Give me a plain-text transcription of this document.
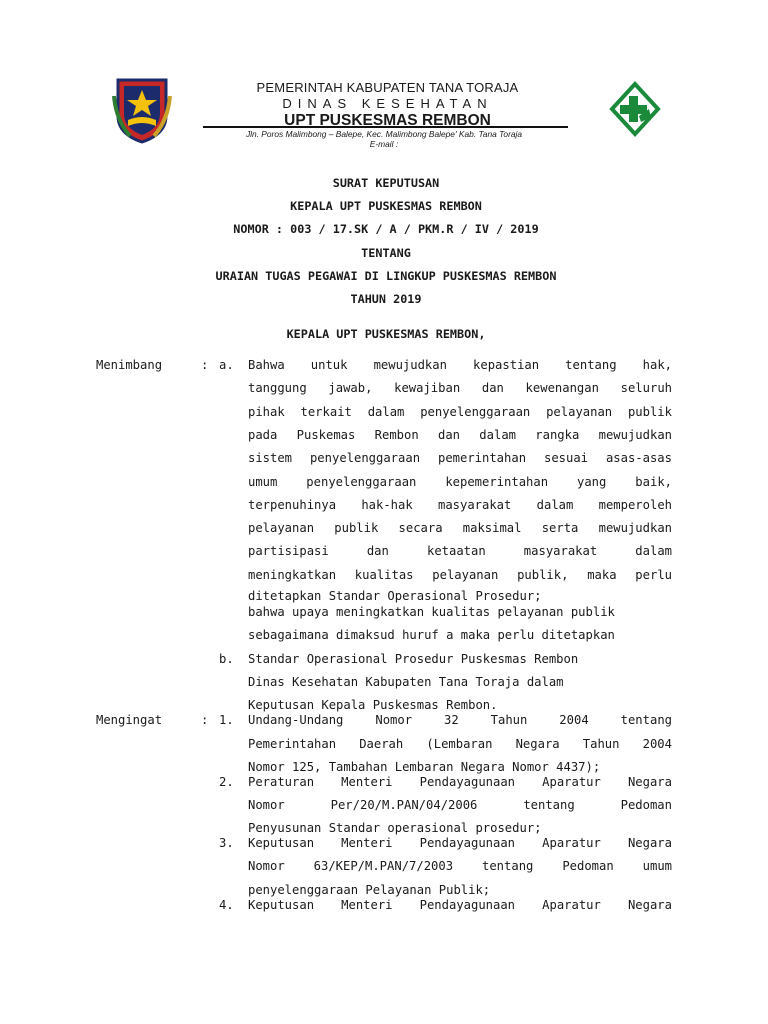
PEMERINTAH KABUPATEN TANA TORAJA
DINAS KESEHATAN
UPT PUSKESMAS REMBON
Jln. Poros Malimbong – Balepe, Kec. Malimbong Balepe' Kab. Tana Toraja
E-mail :
SURAT KEPUTUSAN
KEPALA UPT PUSKESMAS REMBON
NOMOR : 003 / 17.SK / A / PKM.R / IV / 2019
TENTANG
URAIAN TUGAS PEGAWAI DI LINGKUP PUSKESMAS REMBON
TAHUN 2019
KEPALA UPT PUSKESMAS REMBON,
Menimbang	: a. Bahwa untuk mewujudkan kepastian tentang hak,
tanggung jawab, kewajiban dan kewenangan seluruh
pihak terkait dalam penyelenggaraan pelayanan publik
pada Puskemas Rembon dan dalam rangka mewujudkan
sistem penyelenggaraan pemerintahan sesuai asas-asas
umum penyelenggaraan kepemerintahan yang baik,
terpenuhinya hak-hak masyarakat dalam memperoleh
pelayanan publik secara maksimal serta mewujudkan
partisipasi dan ketaatan masyarakat dalam
meningkatkan kualitas pelayanan publik, maka perlu
ditetapkan Standar Operasional Prosedur;
bahwa upaya meningkatkan kualitas pelayanan publik
sebagaimana dimaksud huruf a maka perlu ditetapkan
b. Standar Operasional Prosedur Puskesmas Rembon
Dinas Kesehatan Kabupaten Tana Toraja dalam
Keputusan Kepala Puskesmas Rembon.
Mengingat	: 1. Undang-Undang Nomor 32 Tahun 2004 tentang
Pemerintahan Daerah (Lembaran Negara Tahun 2004
Nomor 125, Tambahan Lembaran Negara Nomor 4437);
2. Peraturan Menteri Pendayagunaan Aparatur Negara
Nomor Per/20/M.PAN/04/2006 tentang Pedoman
Penyusunan Standar operasional prosedur;
3. Keputusan Menteri Pendayagunaan Aparatur Negara
Nomor 63/KEP/M.PAN/7/2003 tentang Pedoman umum
penyelenggaraan Pelayanan Publik;
4. Keputusan Menteri Pendayagunaan Aparatur Negara
